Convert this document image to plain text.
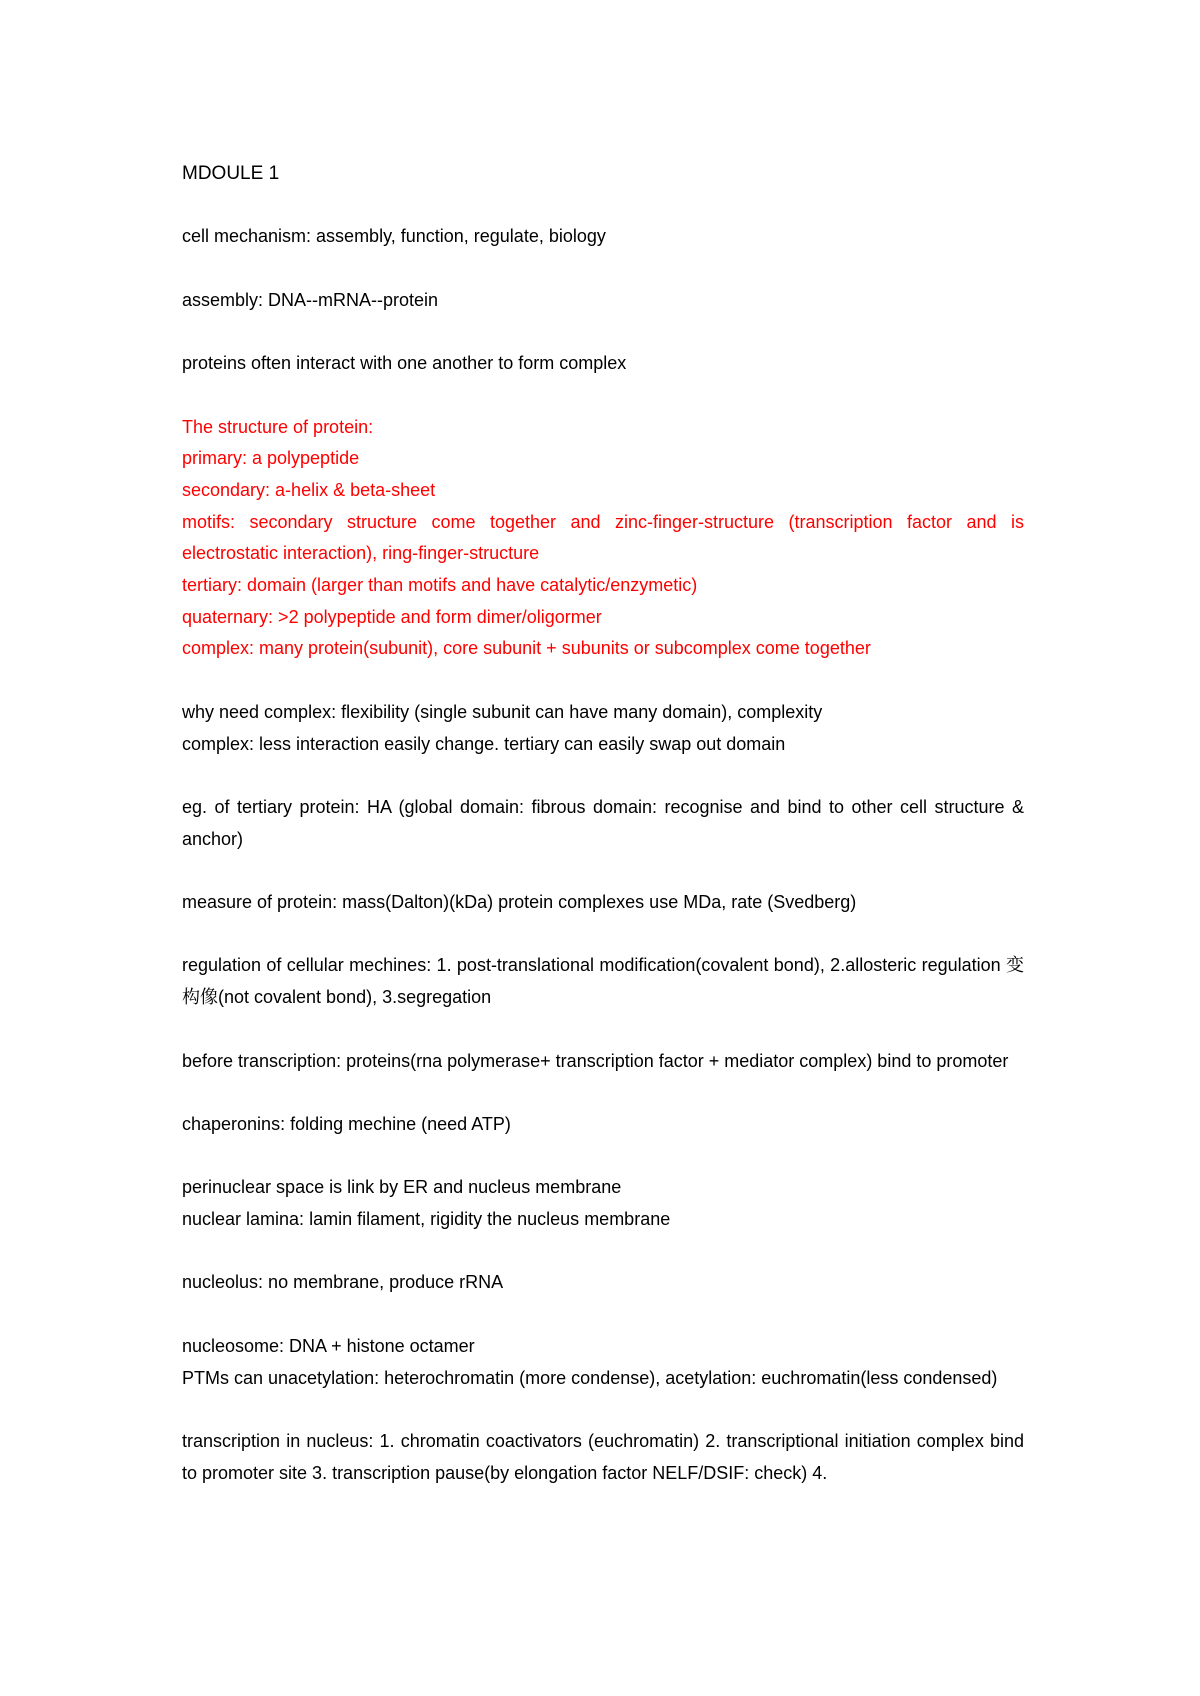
MDOULE 1

cell mechanism: assembly, function, regulate, biology

assembly: DNA--mRNA--protein

proteins often interact with one another to form complex

The structure of protein:

primary: a polypeptide

secondary: a-helix & beta-sheet

motifs: secondary structure come together and zinc-finger-structure (transcription factor and is electrostatic interaction), ring-finger-structure

tertiary: domain (larger than motifs and have catalytic/enzymetic)

quaternary: >2 polypeptide and form dimer/oligormer

complex: many protein(subunit), core subunit + subunits or subcomplex come together

why need complex: flexibility (single subunit can have many domain), complexity

complex: less interaction easily change. tertiary can easily swap out domain

eg. of tertiary protein: HA (global domain: fibrous domain: recognise and bind to other cell structure & anchor)

measure of protein: mass(Dalton)(kDa) protein complexes use MDa, rate (Svedberg)

regulation of cellular mechines: 1. post-translational modification(covalent bond), 2.allosteric regulation 变构像(not covalent bond), 3.segregation

before transcription: proteins(rna polymerase+ transcription factor + mediator complex) bind to promoter

chaperonins: folding mechine (need ATP)

perinuclear space is link by ER and nucleus membrane

nuclear lamina: lamin filament, rigidity the nucleus membrane

nucleolus: no membrane, produce rRNA

nucleosome: DNA + histone octamer

PTMs can unacetylation: heterochromatin (more condense), acetylation: euchromatin(less condensed)

transcription in nucleus: 1. chromatin coactivators (euchromatin) 2. transcriptional initiation complex bind to promoter site 3. transcription pause(by elongation factor NELF/DSIF: check) 4.
